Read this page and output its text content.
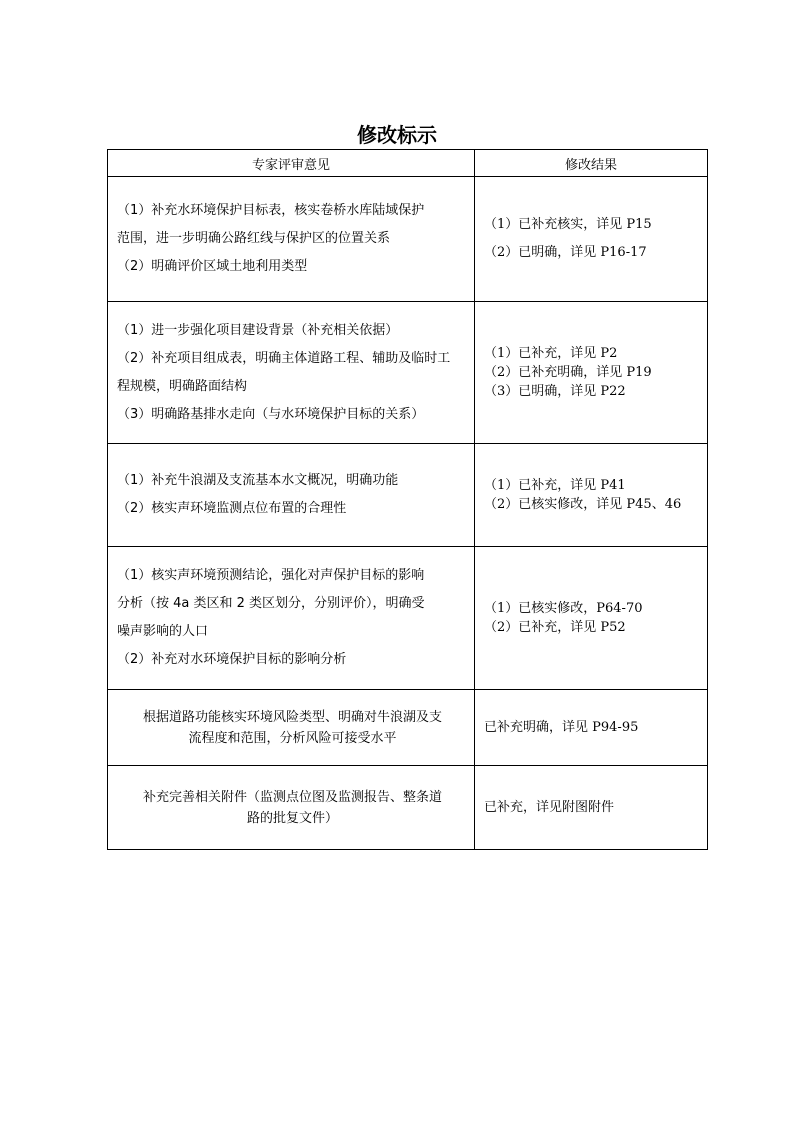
修改标示
专家评审意见	修改结果

（1）补充水环境保护目标表，核实卷桥水库陆域保护
范围，进一步明确公路红线与保护区的位置关系
（2）明确评价区域土地利用类型	（1）已补充核实，详见 P15
（2）已明确，详见 P16-17

（1）进一步强化项目建设背景（补充相关依据）
（2）补充项目组成表，明确主体道路工程、辅助及临时工
程规模，明确路面结构
（3）明确路基排水走向（与水环境保护目标的关系）	（1）已补充，详见 P2
（2）已补充明确，详见 P19
（3）已明确，详见 P22

（1）补充牛浪湖及支流基本水文概况，明确功能
（2）核实声环境监测点位布置的合理性	（1）已补充，详见 P41
（2）已核实修改，详见 P45、46

（1）核实声环境预测结论，强化对声保护目标的影响
分析（按 4a 类区和 2 类区划分，分别评价），明确受
噪声影响的人口
（2）补充对水环境保护目标的影响分析	（1）已核实修改，P64-70
（2）已补充，详见 P52

根据道路功能核实环境风险类型、明确对牛浪湖及支
流程度和范围，分析风险可接受水平	已补充明确，详见 P94-95

补充完善相关附件（监测点位图及监测报告、整条道
路的批复文件）	已补充，详见附图附件
